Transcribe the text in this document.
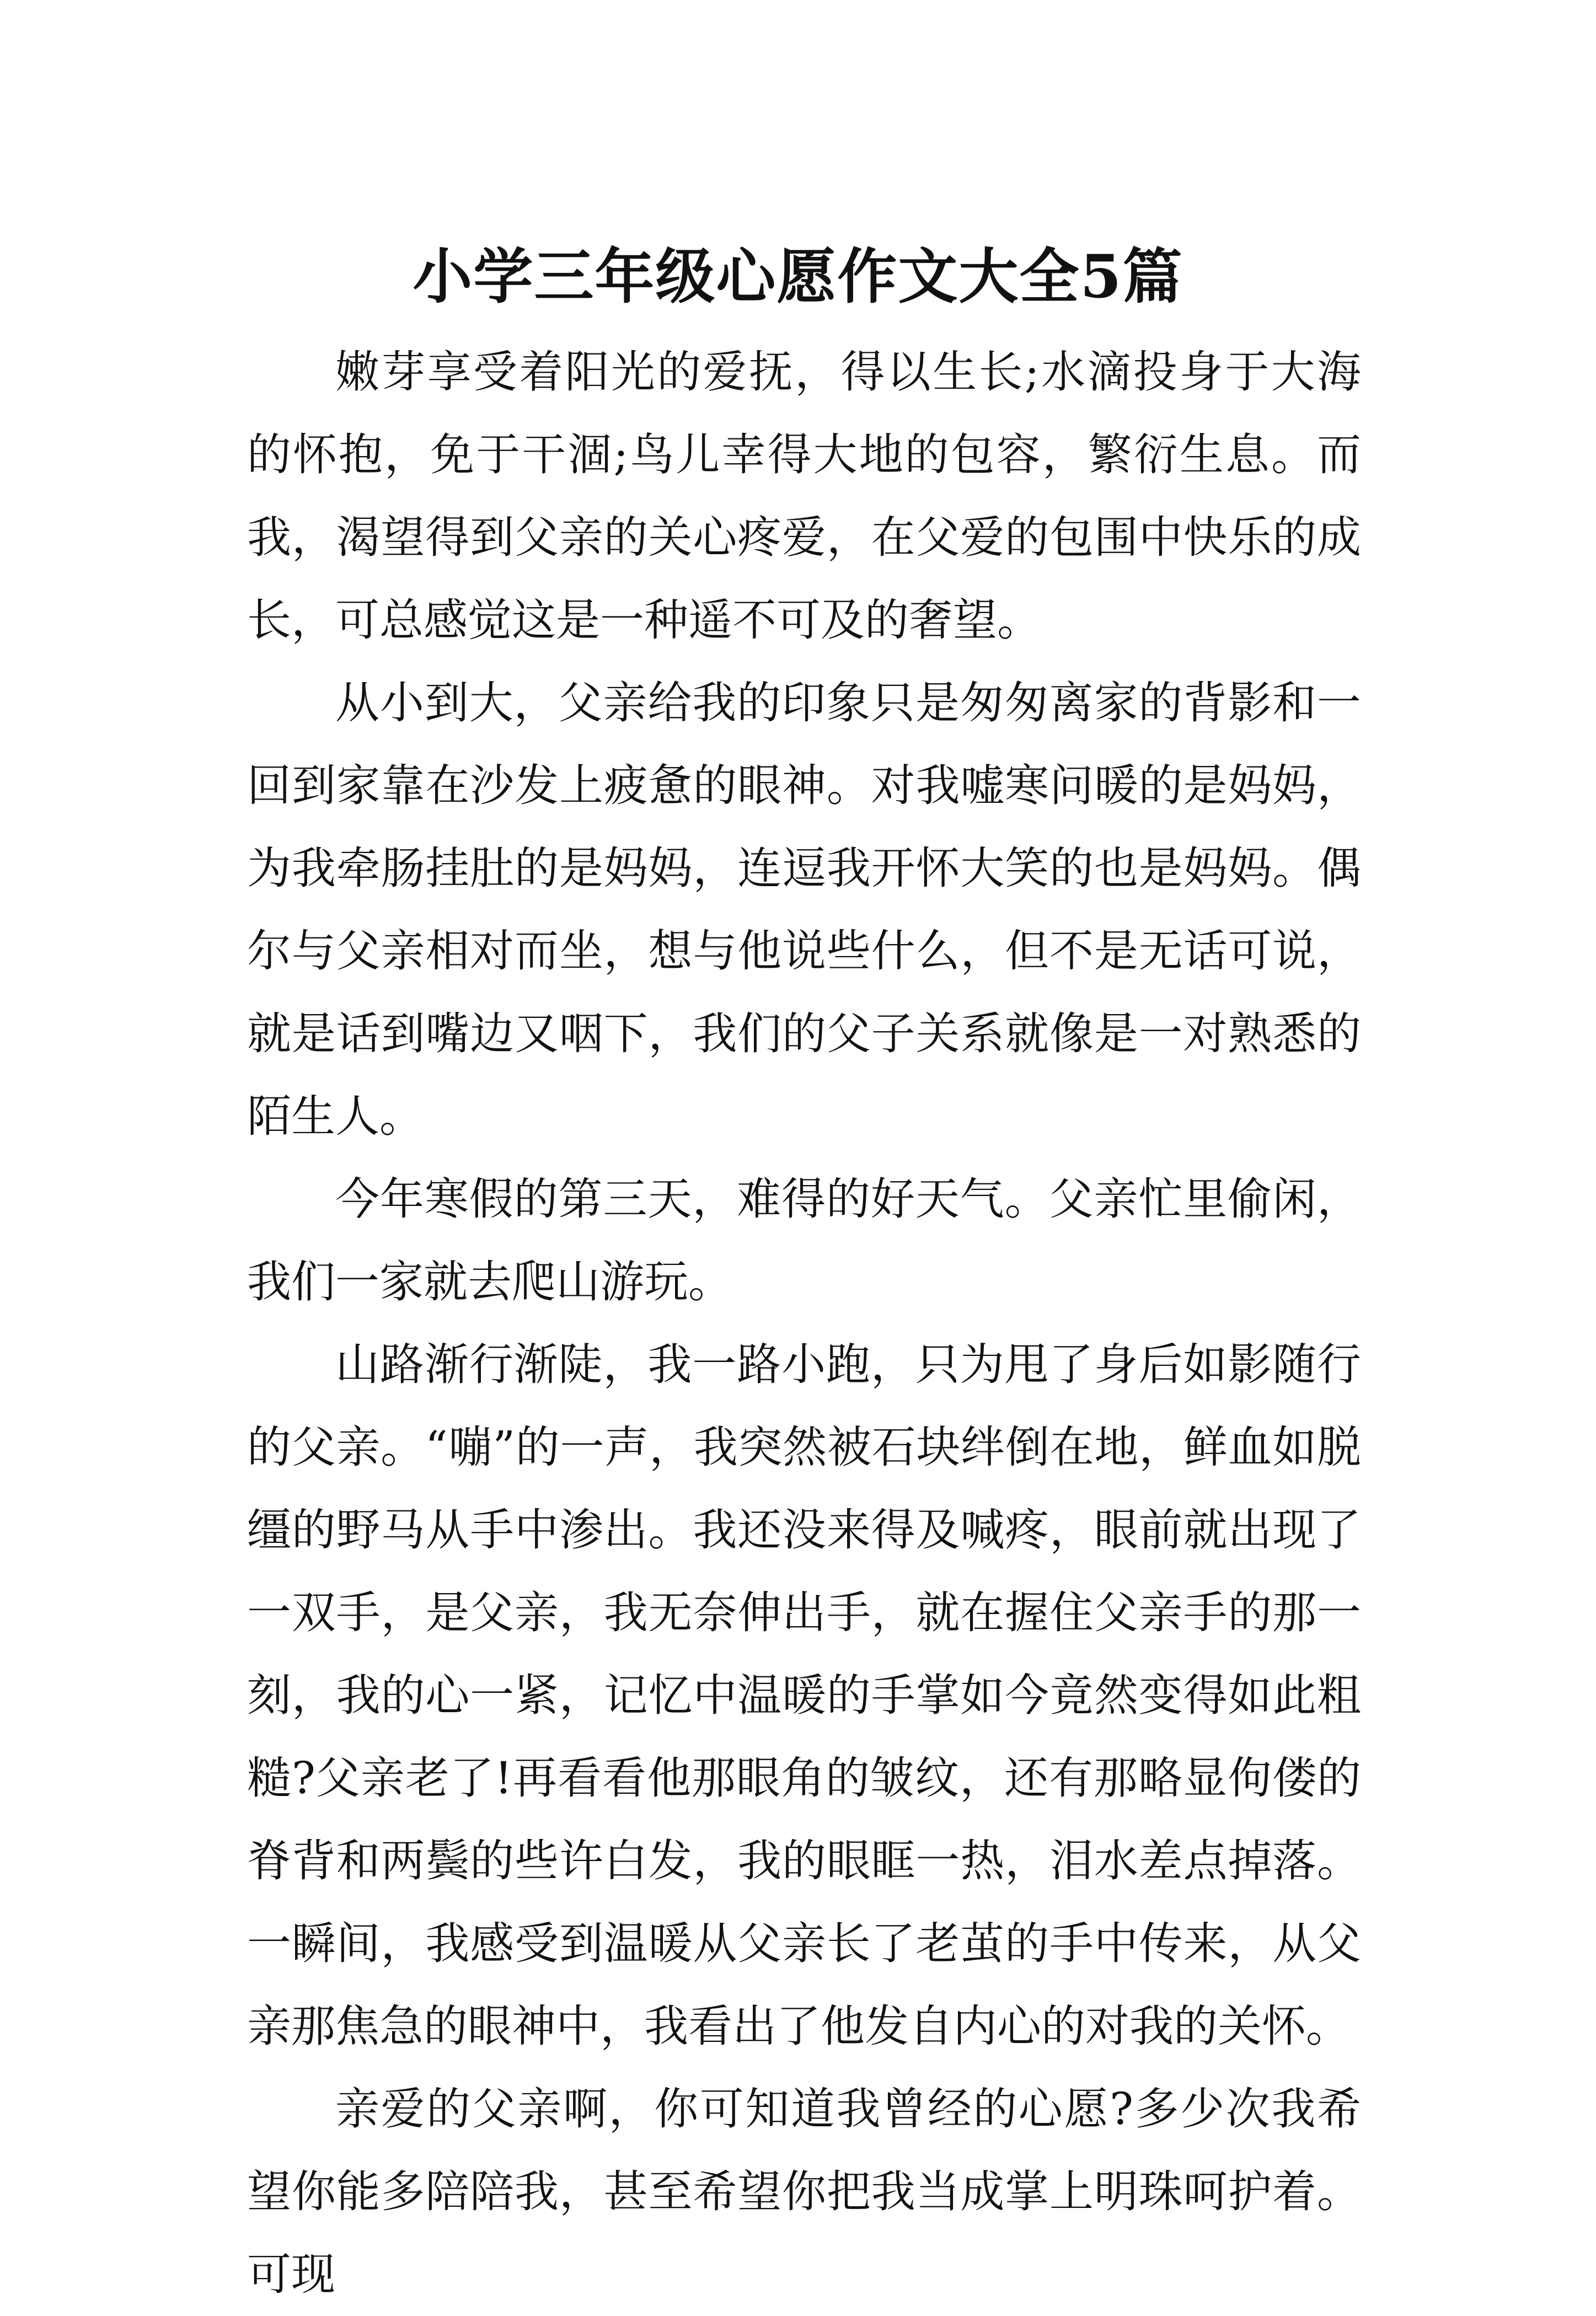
小学三年级心愿作文大全5篇

嫩芽享受着阳光的爱抚，得以生长;水滴投身于大海的怀抱，免于干涸;鸟儿幸得大地的包容，繁衍生息。而我，渴望得到父亲的关心疼爱，在父爱的包围中快乐的成长，可总感觉这是一种遥不可及的奢望。

从小到大，父亲给我的印象只是匆匆离家的背影和一回到家靠在沙发上疲惫的眼神。对我嘘寒问暖的是妈妈，为我牵肠挂肚的是妈妈，连逗我开怀大笑的也是妈妈。偶尔与父亲相对而坐，想与他说些什么，但不是无话可说，就是话到嘴边又咽下，我们的父子关系就像是一对熟悉的陌生人。

今年寒假的第三天，难得的好天气。父亲忙里偷闲，我们一家就去爬山游玩。

山路渐行渐陡，我一路小跑，只为甩了身后如影随行的父亲。“嘣”的一声，我突然被石块绊倒在地，鲜血如脱缰的野马从手中渗出。我还没来得及喊疼，眼前就出现了一双手，是父亲，我无奈伸出手，就在握住父亲手的那一刻，我的心一紧，记忆中温暖的手掌如今竟然变得如此粗糙?父亲老了!再看看他那眼角的皱纹，还有那略显佝偻的脊背和两鬓的些许白发，我的眼眶一热，泪水差点掉落。一瞬间，我感受到温暖从父亲长了老茧的手中传来，从父亲那焦急的眼神中，我看出了他发自内心的对我的关怀。

亲爱的父亲啊，你可知道我曾经的心愿?多少次我希望你能多陪陪我，甚至希望你把我当成掌上明珠呵护着。可现
